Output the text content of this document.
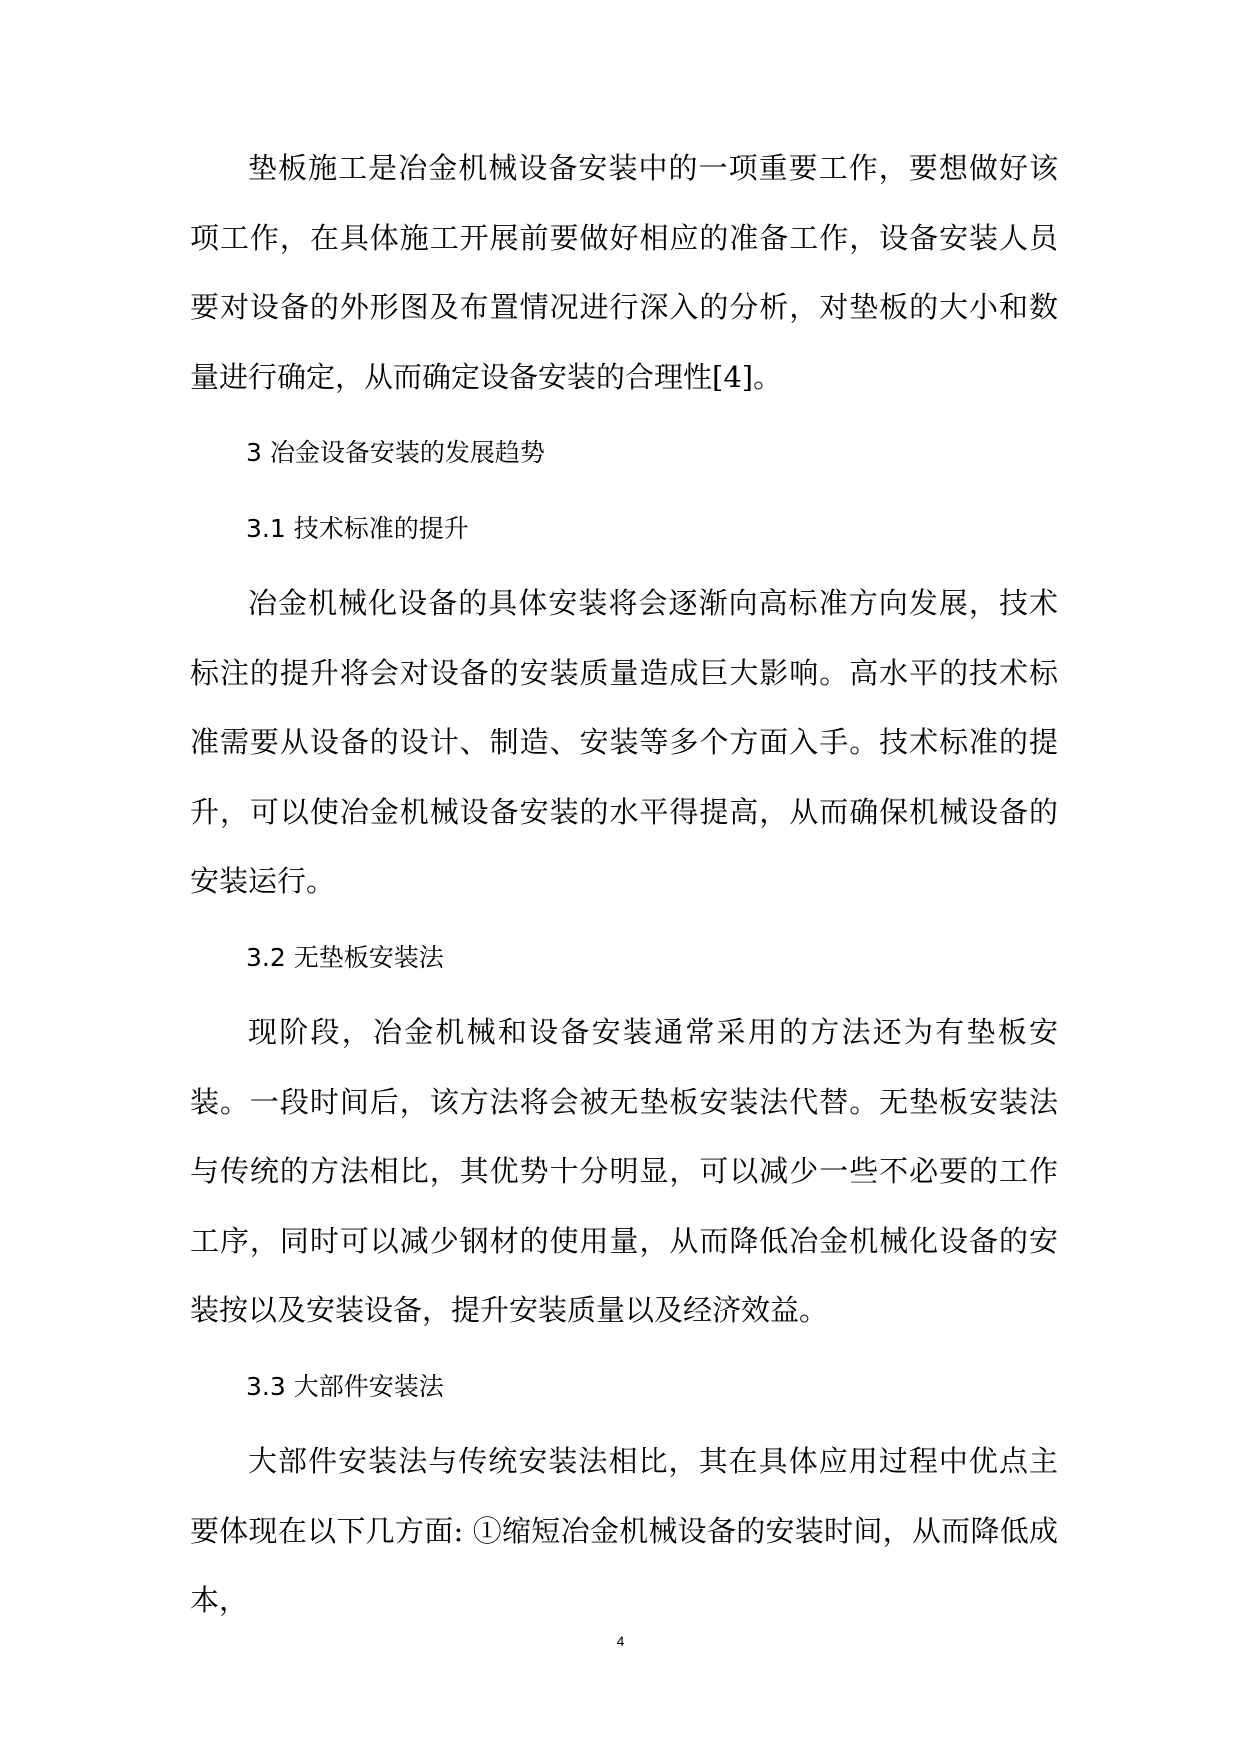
垫板施工是冶金机械设备安装中的一项重要工作，要想做好该项工作，在具体施工开展前要做好相应的准备工作，设备安装人员要对设备的外形图及布置情况进行深入的分析，对垫板的大小和数量进行确定，从而确定设备安装的合理性[4]。

3 冶金设备安装的发展趋势

3.1 技术标准的提升

冶金机械化设备的具体安装将会逐渐向高标准方向发展，技术标注的提升将会对设备的安装质量造成巨大影响。高水平的技术标准需要从设备的设计、制造、安装等多个方面入手。技术标准的提升，可以使冶金机械设备安装的水平得提高，从而确保机械设备的安装运行。

3.2 无垫板安装法

现阶段，冶金机械和设备安装通常采用的方法还为有垫板安装。一段时间后，该方法将会被无垫板安装法代替。无垫板安装法与传统的方法相比，其优势十分明显，可以减少一些不必要的工作工序，同时可以减少钢材的使用量，从而降低冶金机械化设备的安装按以及安装设备，提升安装质量以及经济效益。

3.3 大部件安装法

大部件安装法与传统安装法相比，其在具体应用过程中优点主要体现在以下几方面: ①缩短冶金机械设备的安装时间，从而降低成本，

4
